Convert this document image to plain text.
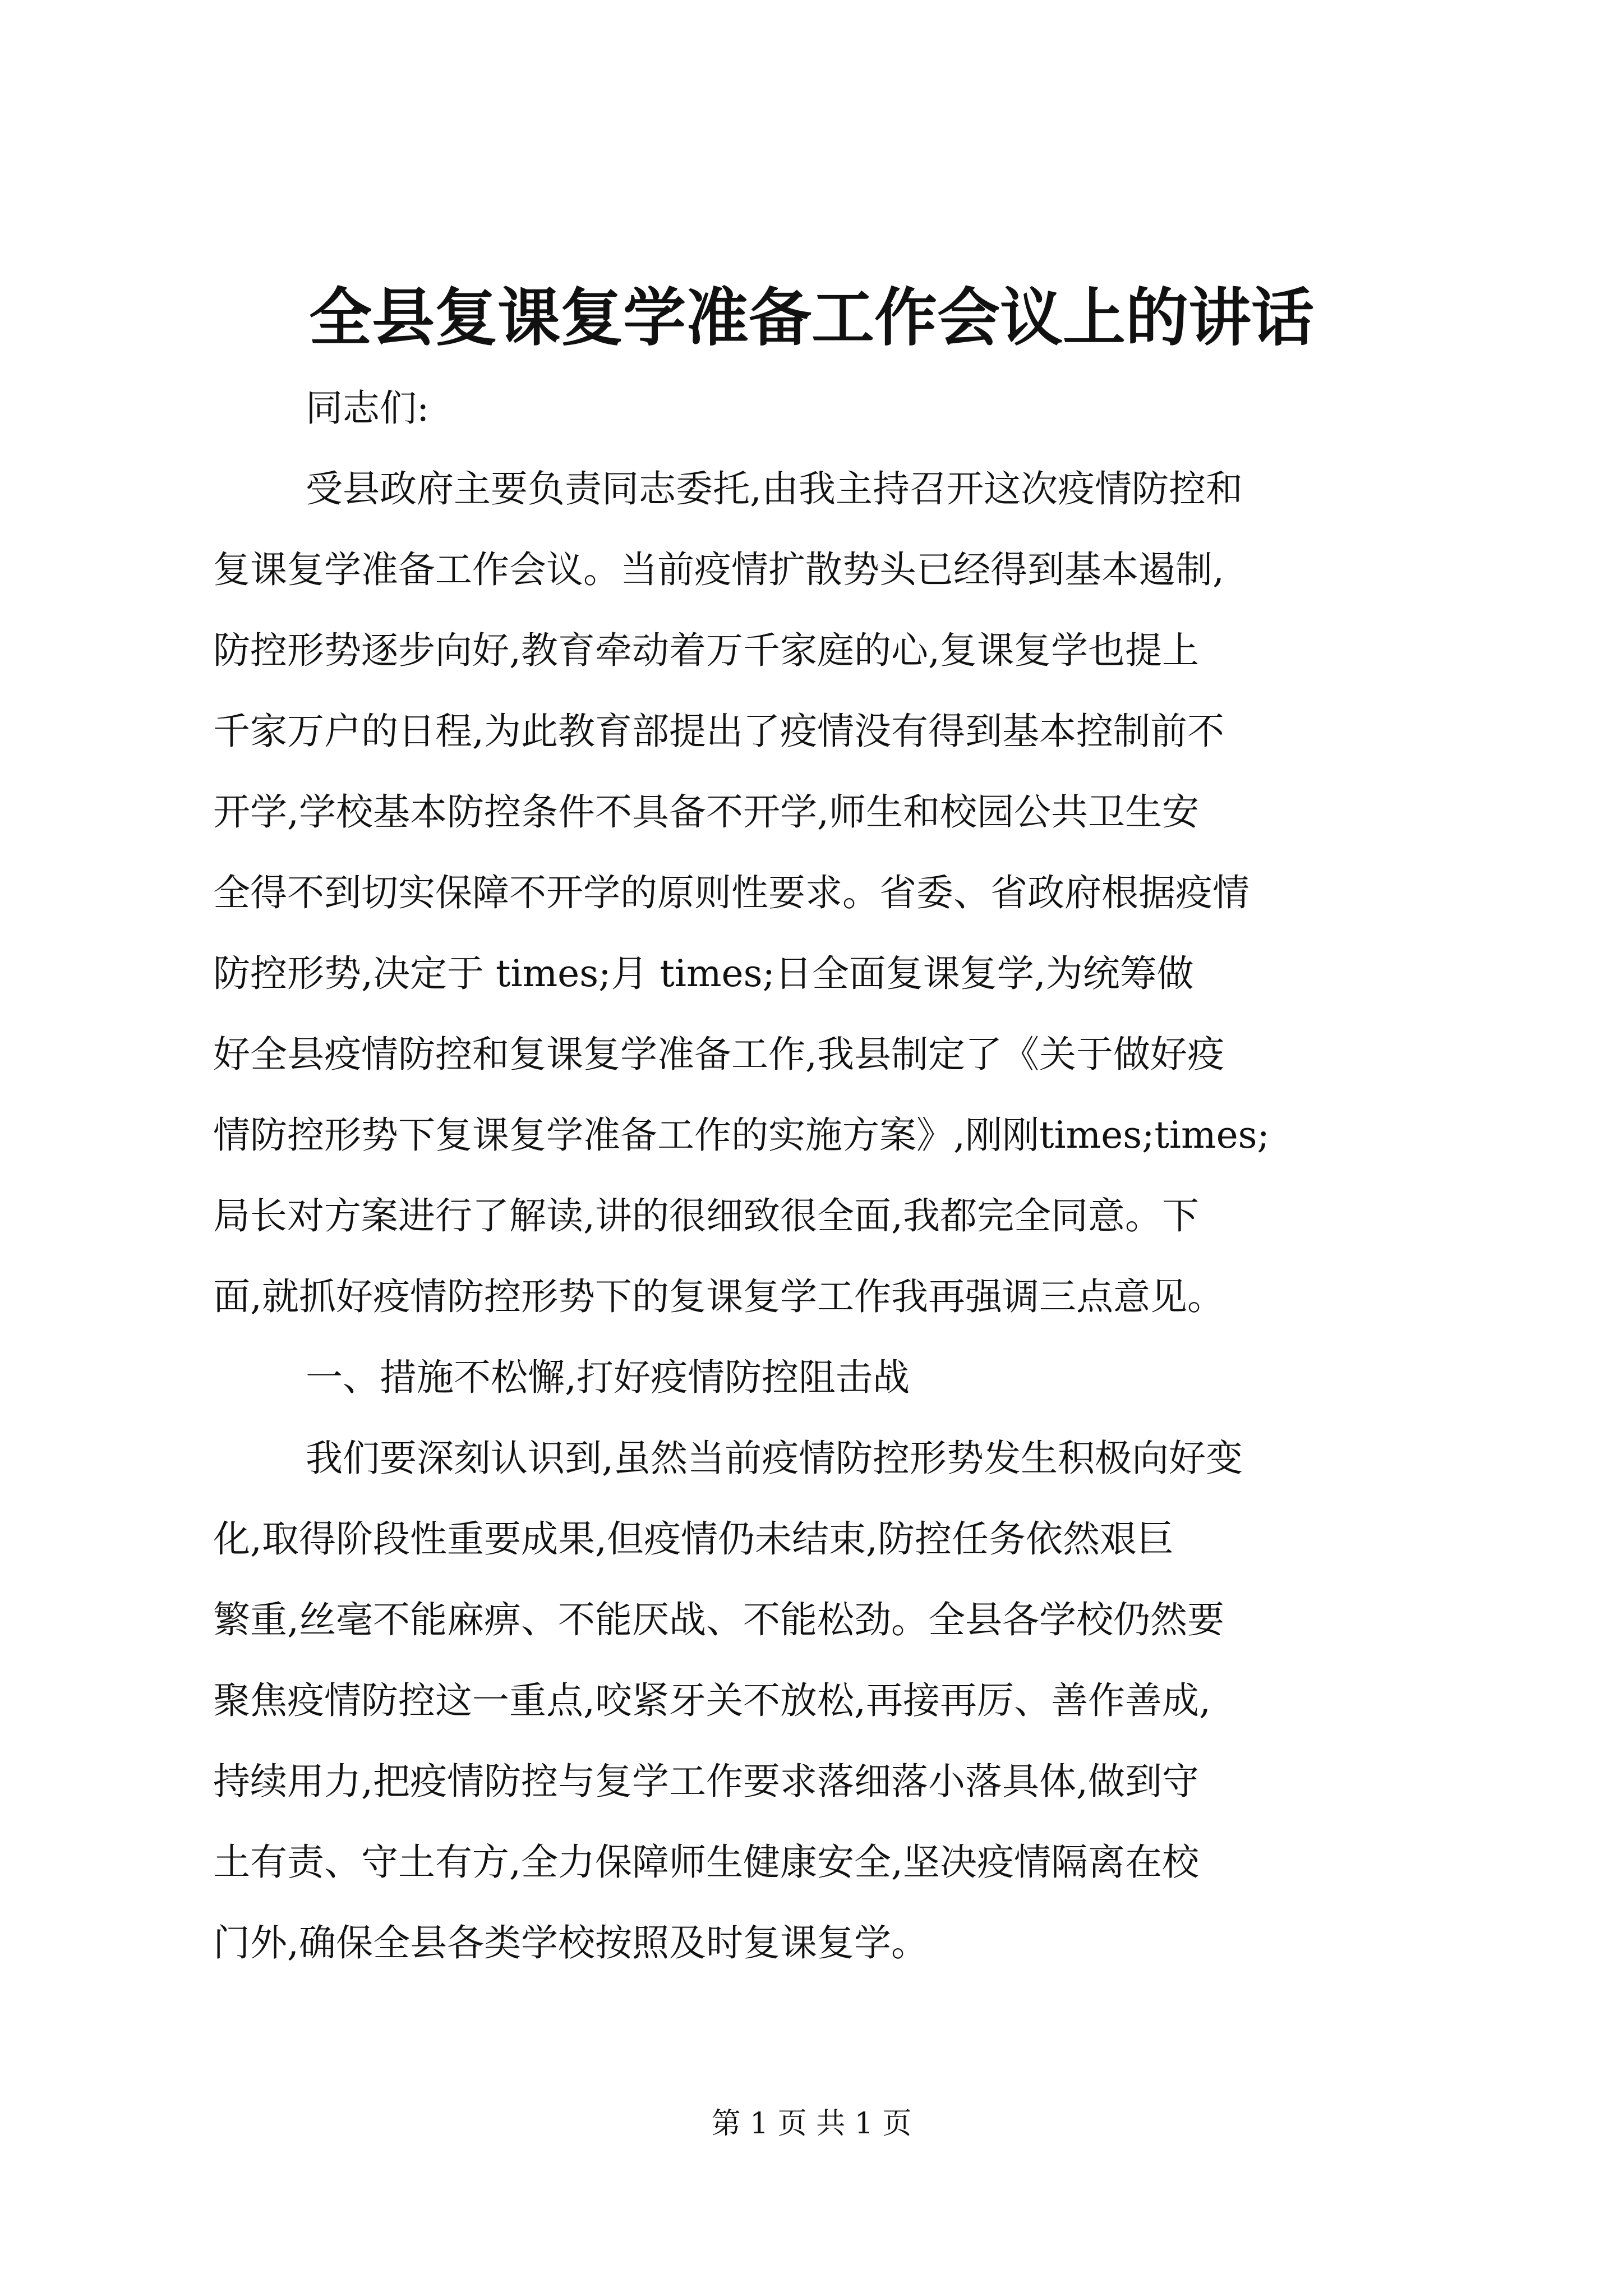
全县复课复学准备工作会议上的讲话
同志们:
受县政府主要负责同志委托,由我主持召开这次疫情防控和
复课复学准备工作会议。当前疫情扩散势头已经得到基本遏制,
防控形势逐步向好,教育牵动着万千家庭的心,复课复学也提上
千家万户的日程,为此教育部提出了疫情没有得到基本控制前不
开学,学校基本防控条件不具备不开学,师生和校园公共卫生安
全得不到切实保障不开学的原则性要求。省委、省政府根据疫情
防控形势,决定于 times;月 times;日全面复课复学,为统筹做
好全县疫情防控和复课复学准备工作,我县制定了《关于做好疫
情防控形势下复课复学准备工作的实施方案》,刚刚times;times;
局长对方案进行了解读,讲的很细致很全面,我都完全同意。下
面,就抓好疫情防控形势下的复课复学工作我再强调三点意见。
一、措施不松懈,打好疫情防控阻击战
我们要深刻认识到,虽然当前疫情防控形势发生积极向好变
化,取得阶段性重要成果,但疫情仍未结束,防控任务依然艰巨
繁重,丝毫不能麻痹、不能厌战、不能松劲。全县各学校仍然要
聚焦疫情防控这一重点,咬紧牙关不放松,再接再厉、善作善成,
持续用力,把疫情防控与复学工作要求落细落小落具体,做到守
土有责、守土有方,全力保障师生健康安全,坚决疫情隔离在校
门外,确保全县各类学校按照及时复课复学。
第 1 页 共 1 页
